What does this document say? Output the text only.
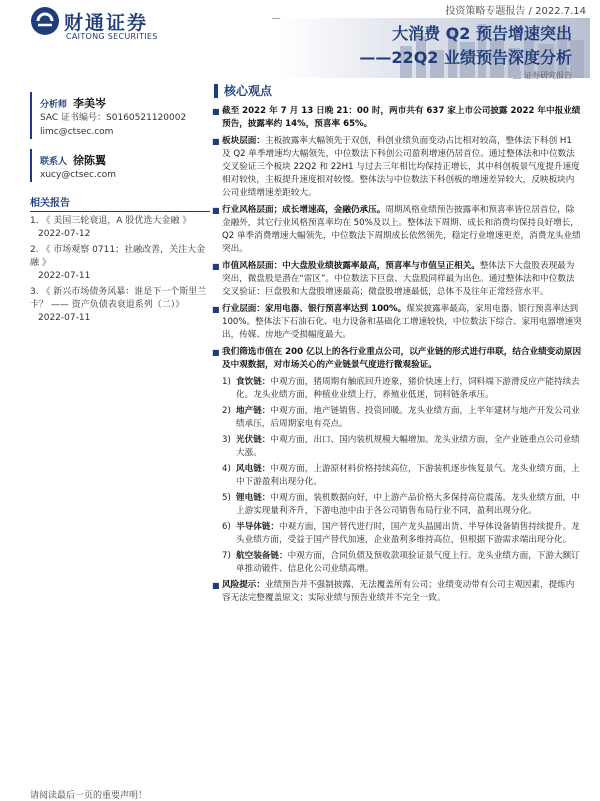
财通证券
CAITONG SECURITIES
投资策略专题报告 / 2022.7.14
大消费 Q2 预告增速突出
——22Q2 业绩预告深度分析
证券研究报告
分析师 李美岑
SAC 证书编号：S0160521120002
limc@ctsec.com
联系人 徐陈翼
xucy@ctsec.com
相关报告
1. 《 美国三轮衰退，A 股优选大金融 》
2022-07-12
2. 《 市场观察 0711；社融改善，关注大金融 》
2022-07-11
3. 《 新兴市场债务风暴：谁是下一个斯里兰卡？ —— 资产负债表衰退系列（二）》
2022-07-11
核心观点
■ 截至 2022 年 7 月 13 日晚 21：00 时，两市共有 637 家上市公司披露 2022 年中报业绩预告，披露率约 14%，预喜率 65%。
■ 板块层面：主板披露率大幅领先于双创，科创业绩负面变动占比相对较高，整体法下科创 H1 及 Q2 单季增速均大幅领先，中位数法下科创公司盈利增速仍居首位。通过整体法和中位数法交叉验证三个板块 22Q2 和 22H1 与过去三年相比均保持正增长，其中科创板景气度提升速度相对较快，主板提升速度相对较慢。整体法与中位数法下科创板的增速差异较大，反映板块内公司业绩增速差距较大。
■ 行业风格层面；成长增速高，金融仍承压。周期风格业绩预告披露率和预喜率皆位居首位，除金融外，其它行业风格预喜率均在 50%及以上。整体法下周期、成长和消费均保持良好增长，Q2 单季消费增速大幅领先，中位数法下周期成长依然领先，稳定行业增速更差，消费龙头业绩突出。
■ 市值风格层面：中大盘股业绩披露率最高，预喜率与市值呈正相关。整体法下大盘股表现最为突出，微盘股是潜在“雷区”。中位数法下巨盘、大盘股同样最为出色。通过整体法和中位数法交叉验证：巨盘股和大盘股增速最高；微盘股增速最低，总体不及往年正常经营水平。
■ 行业层面：家用电器、银行预喜率达到 100%。煤炭披露率最高，家用电器、银行预喜率达到 100%。整体法下石油石化、电力设备和基础化工增速较快，中位数法下综合、家用电器增速突出，传媒、房地产受损幅度最大。
■ 我们筛选市值在 200 亿以上的各行业重点公司，以产业链的形式进行串联，结合业绩变动原因及中观数据，对市场关心的产业链景气度进行微观验证。
1) 食饮链：中观方面，猪周期有触底回升迹象，猪价快速上行，饲料端下游滑反应产能持续去化。龙头业绩方面，种植业业绩上行，养殖业低迷，饲料链条承压。
2) 地产链：中观方面，地产链销售、投资回暖。龙头业绩方面，上半年建材与地产开发公司业绩承压，后周期家电有亮点。
3) 光伏链：中观方面，出口、国内装机规模大幅增加。龙头业绩方面，全产业链重点公司业绩大涨。
4) 风电链：中观方面，上游原材料价格持续高位，下游装机逐步恢复景气。龙头业绩方面，上中下游盈利出现分化。
5) 锂电链：中观方面，装机数据向好，中上游产品价格大多保持高位震荡。龙头业绩方面，中上游实现量利齐升，下游电池中由于各公司销售布局行业不同，盈利出现分化。
6) 半导体链：中观方面，国产替代进行时，国产龙头晶圆出货、半导体设备销售持续提升。龙头业绩方面，受益于国产替代加速，企业盈利多维持高位，但根据下游需求端出现分化。
7) 航空装备链：中观方面，合同负债及预收款项验证景气度上行。龙头业绩方面，下游大额订单推动锻件、信息化公司业绩高增。
■ 风险提示：业绩预告并不强制披露，无法覆盖所有公司；业绩变动带有公司主观因素，提炼内容无法完整覆盖原文；实际业绩与预告业绩并不完全一致。
请阅读最后一页的重要声明！
